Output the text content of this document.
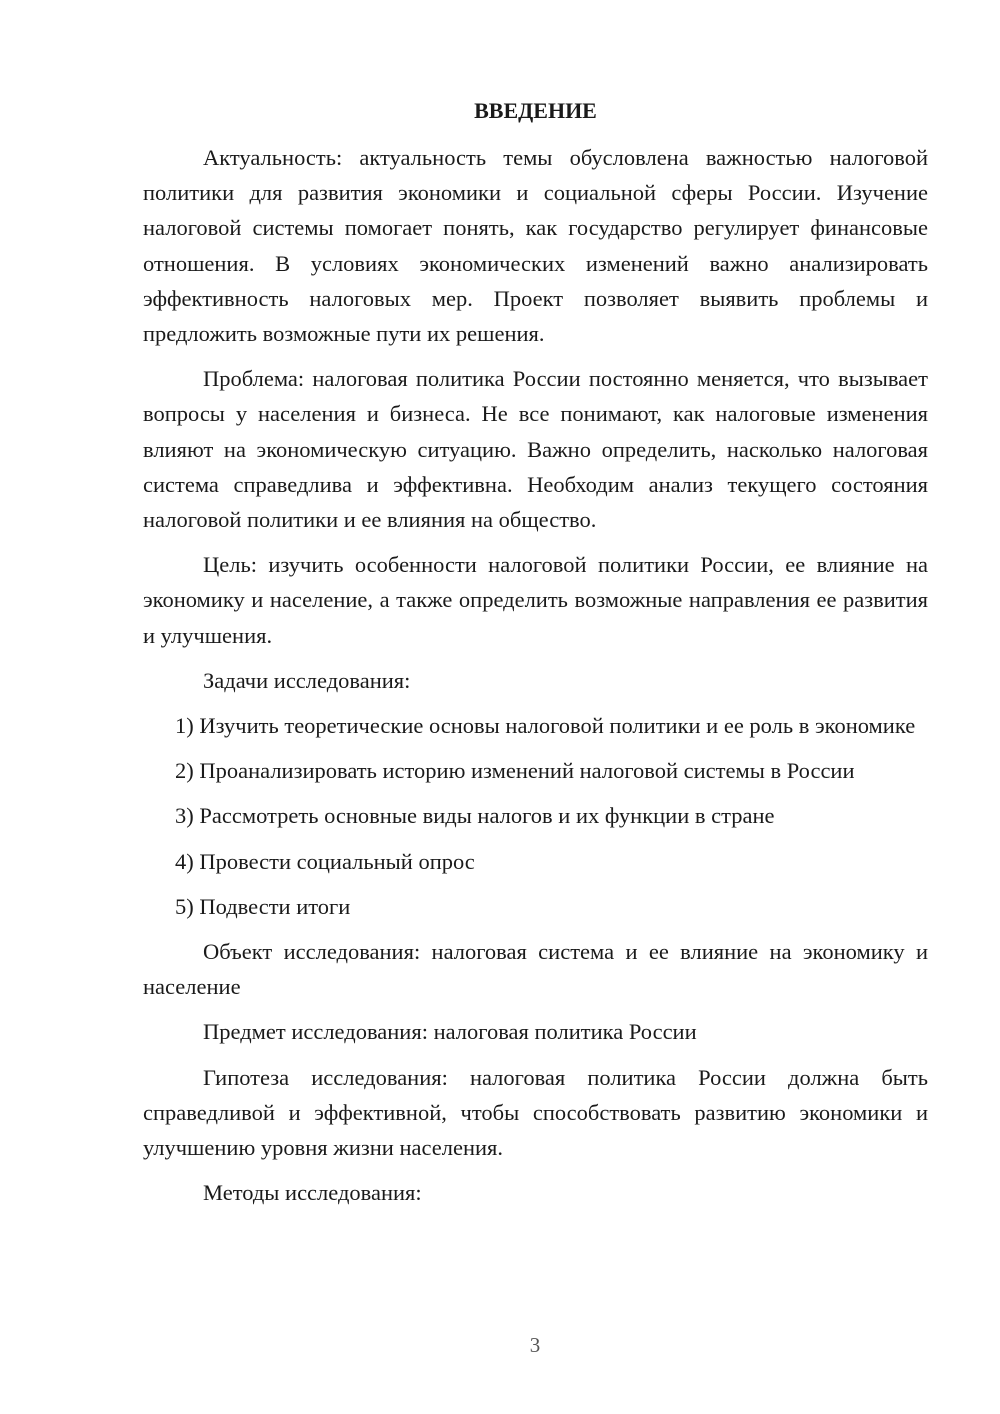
ВВЕДЕНИЕ

Актуальность: актуальность темы обусловлена важностью налоговой политики для развития экономики и социальной сферы России. Изучение налоговой системы помогает понять, как государство регулирует финансовые отношения. В условиях экономических изменений важно анализировать эффективность налоговых мер. Проект позволяет выявить проблемы и предложить возможные пути их решения.

Проблема: налоговая политика России постоянно меняется, что вызывает вопросы у населения и бизнеса. Не все понимают, как налоговые изменения влияют на экономическую ситуацию. Важно определить, насколько налоговая система справедлива и эффективна. Необходим анализ текущего состояния налоговой политики и ее влияния на общество.

Цель: изучить особенности налоговой политики России, ее влияние на экономику и население, а также определить возможные направления ее развития и улучшения.

Задачи исследования:

1) Изучить теоретические основы налоговой политики и ее роль в экономике

2) Проанализировать историю изменений налоговой системы в России

3) Рассмотреть основные виды налогов и их функции в стране

4) Провести социальный опрос

5) Подвести итоги

Объект исследования: налоговая система и ее влияние на экономику и население

Предмет исследования: налоговая политика России

Гипотеза исследования: налоговая политика России должна быть справедливой и эффективной, чтобы способствовать развитию экономики и улучшению уровня жизни населения.

Методы исследования:

3
